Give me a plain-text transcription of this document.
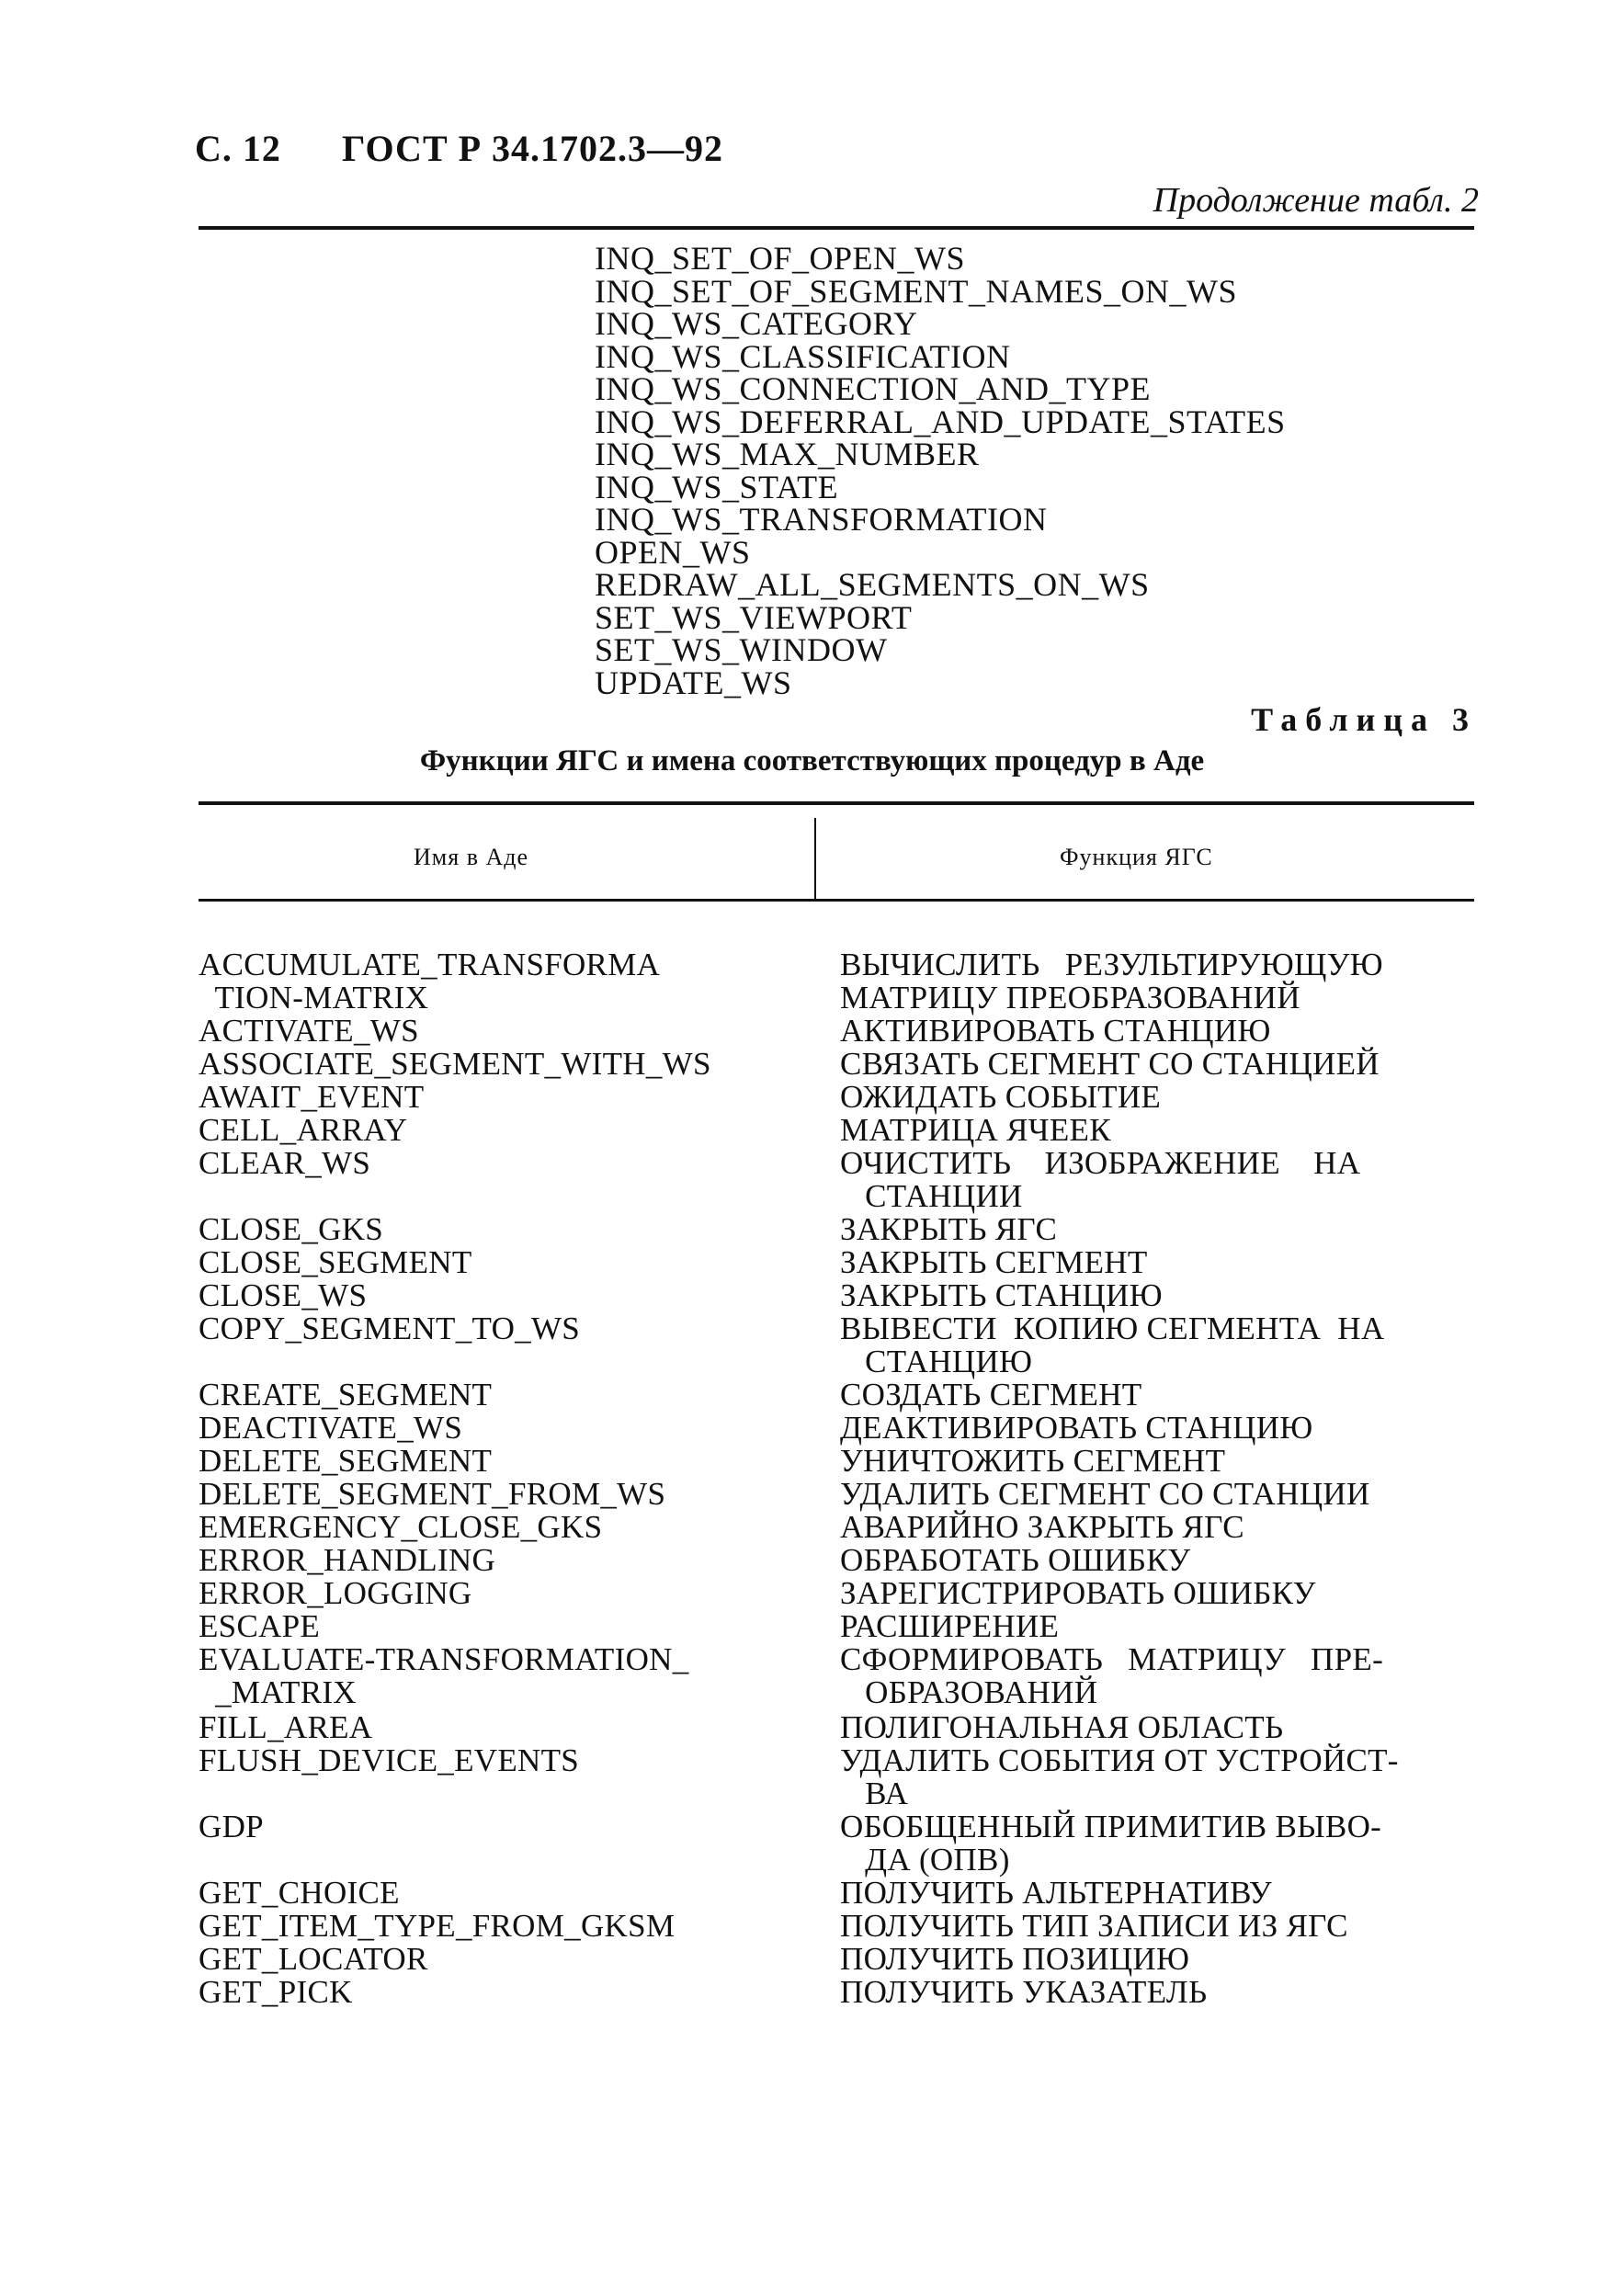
С. 12 ГОСТ Р 34.1702.3—92
Продолжение табл. 2
INQ_SET_OF_OPEN_WS
INQ_SET_OF_SEGMENT_NAMES_ON_WS
INQ_WS_CATEGORY
INQ_WS_CLASSIFICATION
INQ_WS_CONNECTION_AND_TYPE
INQ_WS_DEFERRAL_AND_UPDATE_STATES
INQ_WS_MAX_NUMBER
INQ_WS_STATE
INQ_WS_TRANSFORMATION
OPEN_WS
REDRAW_ALL_SEGMENTS_ON_WS
SET_WS_VIEWPORT
SET_WS_WINDOW
UPDATE_WS
Таблица 3
Функции ЯГС и имена соответствующих процедур в Аде
Имя в Аде	Функция ЯГС
ACCUMULATE_TRANSFORMA	ВЫЧИСЛИТЬ   РЕЗУЛЬТИРУЮЩУЮ
TION-MATRIX	МАТРИЦУ ПРЕОБРАЗОВАНИЙ
ACTIVATE_WS	АКТИВИРОВАТЬ СТАНЦИЮ
ASSOCIATE_SEGMENT_WITH_WS	СВЯЗАТЬ СЕГМЕНТ СО СТАНЦИЕЙ
AWAIT_EVENT	ОЖИДАТЬ СОБЫТИЕ
CELL_ARRAY	МАТРИЦА ЯЧЕЕК
CLEAR_WS	ОЧИСТИТЬ    ИЗОБРАЖЕНИЕ    НА
СТАНЦИИ
CLOSE_GKS	ЗАКРЫТЬ ЯГС
CLOSE_SEGMENT	ЗАКРЫТЬ СЕГМЕНТ
CLOSE_WS	ЗАКРЫТЬ СТАНЦИЮ
COPY_SEGMENT_TO_WS	ВЫВЕСТИ  КОПИЮ СЕГМЕНТА  НА
СТАНЦИЮ
CREATE_SEGMENT	СОЗДАТЬ СЕГМЕНТ
DEACTIVATE_WS	ДЕАКТИВИРОВАТЬ СТАНЦИЮ
DELETE_SEGMENT	УНИЧТОЖИТЬ СЕГМЕНТ
DELETE_SEGMENT_FROM_WS	УДАЛИТЬ СЕГМЕНТ СО СТАНЦИИ
EMERGENCY_CLOSE_GKS	АВАРИЙНО ЗАКРЫТЬ ЯГС
ERROR_HANDLING	ОБРАБОТАТЬ ОШИБКУ
ERROR_LOGGING	ЗАРЕГИСТРИРОВАТЬ ОШИБКУ
ESCAPE	РАСШИРЕНИЕ
EVALUATE-TRANSFORMATION_	СФОРМИРОВАТЬ   МАТРИЦУ   ПРЕ-
_MATRIX	ОБРАЗОВАНИЙ
FILL_AREA	ПОЛИГОНАЛЬНАЯ ОБЛАСТЬ
FLUSH_DEVICE_EVENTS	УДАЛИТЬ СОБЫТИЯ ОТ УСТРОЙСТ-
ВА
GDP	ОБОБЩЕННЫЙ ПРИМИТИВ ВЫВО-
ДА (ОПВ)
GET_CHOICE	ПОЛУЧИТЬ АЛЬТЕРНАТИВУ
GET_ITEM_TYPE_FROM_GKSM	ПОЛУЧИТЬ ТИП ЗАПИСИ ИЗ ЯГС
GET_LOCATOR	ПОЛУЧИТЬ ПОЗИЦИЮ
GET_PICK	ПОЛУЧИТЬ УКАЗАТЕЛЬ
